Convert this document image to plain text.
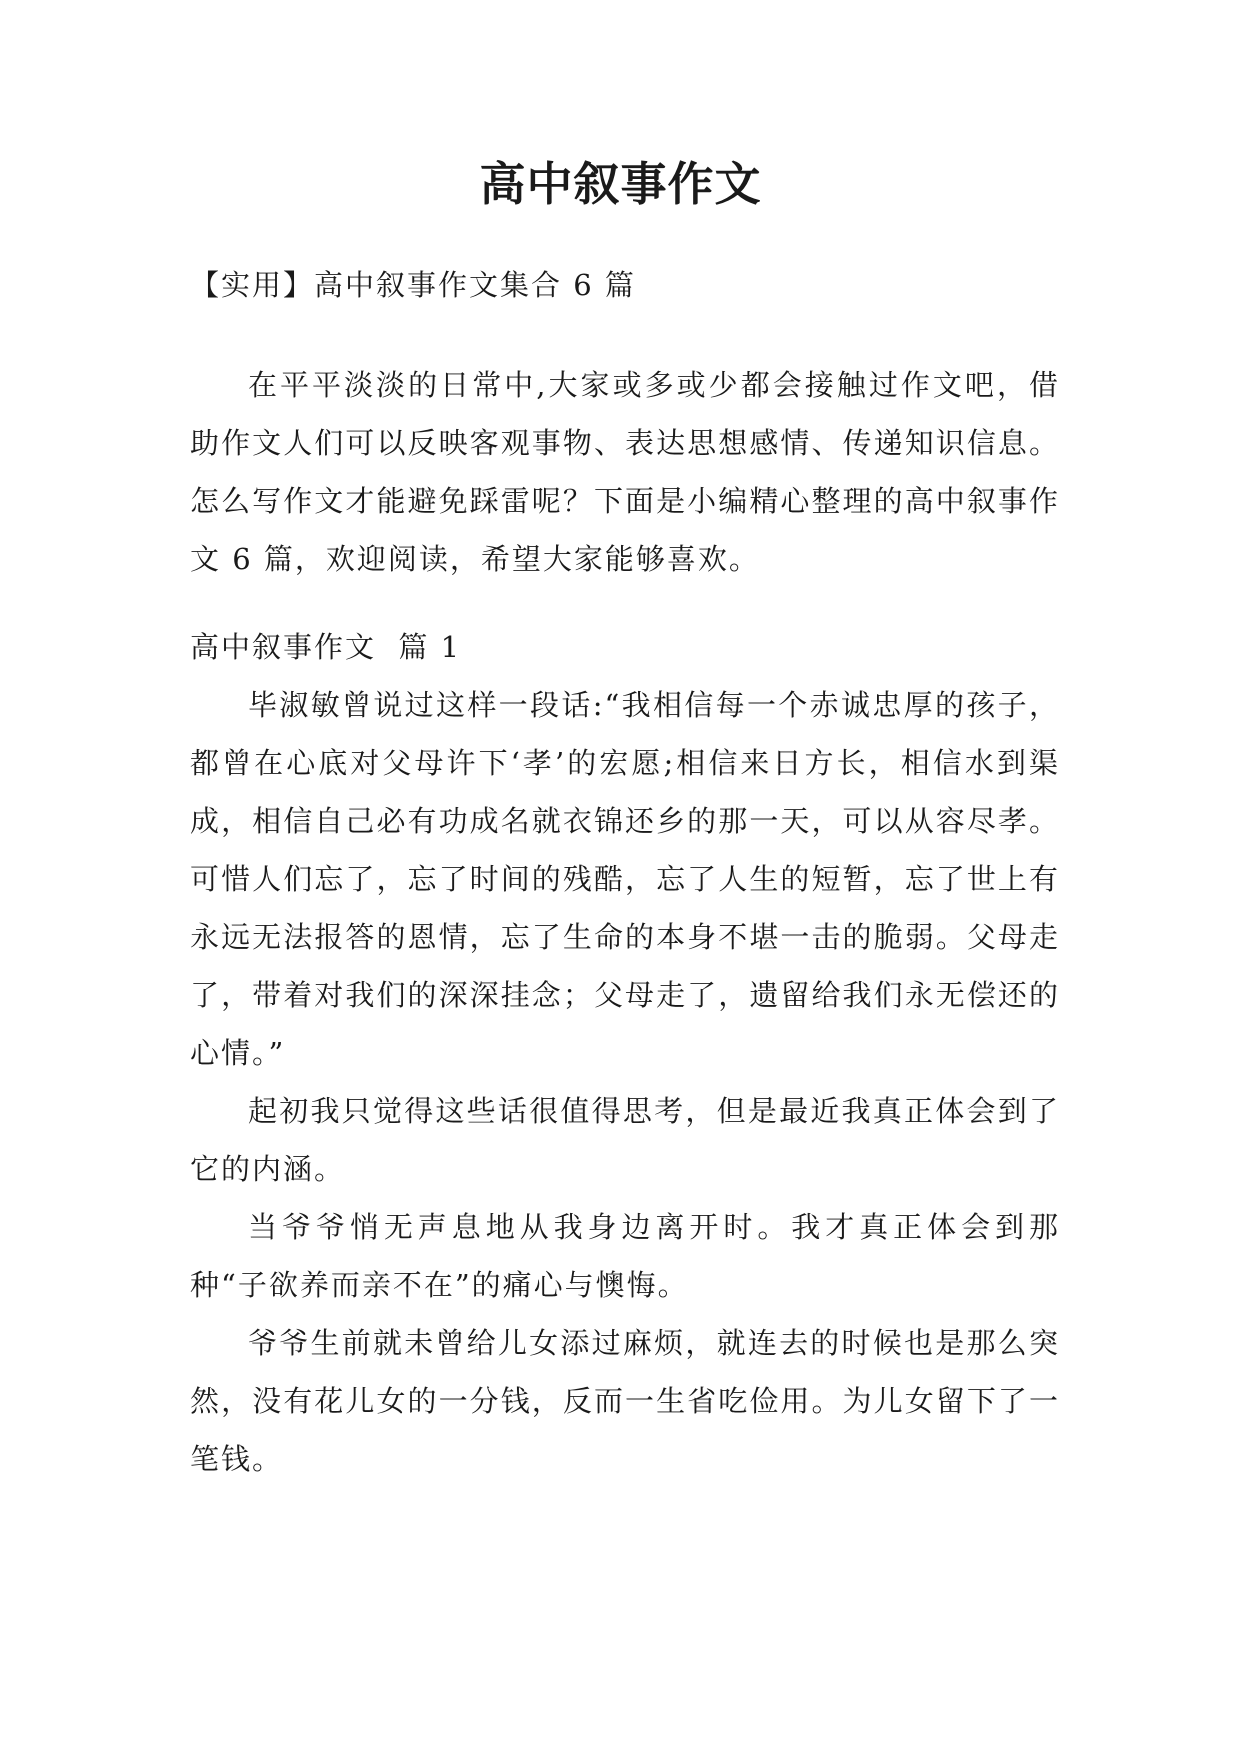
高中叙事作文

【实用】高中叙事作文集合 6 篇

在平平淡淡的日常中,大家或多或少都会接触过作文吧，借助作文人们可以反映客观事物、表达思想感情、传递知识信息。怎么写作文才能避免踩雷呢？下面是小编精心整理的高中叙事作文 6 篇，欢迎阅读，希望大家能够喜欢。

高中叙事作文  篇 1

毕淑敏曾说过这样一段话:“我相信每一个赤诚忠厚的孩子，都曾在心底对父母许下‘孝’的宏愿;相信来日方长，相信水到渠成，相信自己必有功成名就衣锦还乡的那一天，可以从容尽孝。可惜人们忘了，忘了时间的残酷，忘了人生的短暂，忘了世上有永远无法报答的恩情，忘了生命的本身不堪一击的脆弱。父母走了，带着对我们的深深挂念；父母走了，遗留给我们永无偿还的心情。”

起初我只觉得这些话很值得思考，但是最近我真正体会到了它的内涵。

当爷爷悄无声息地从我身边离开时。我才真正体会到那种“子欲养而亲不在”的痛心与懊悔。

爷爷生前就未曾给儿女添过麻烦，就连去的时候也是那么突然，没有花儿女的一分钱，反而一生省吃俭用。为儿女留下了一笔钱。
